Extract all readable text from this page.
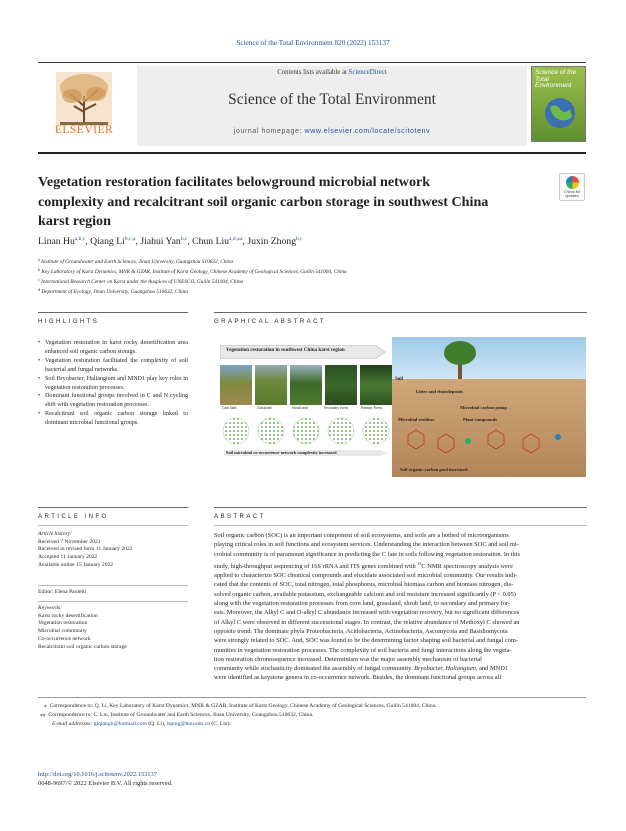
Science of the Total Environment 820 (2022) 153137
ELSEVIER
Contents lists available at ScienceDirect
Science of the Total Environment
journal homepage: www.elsevier.com/locate/scitotenv
Science of the Total Environment
Vegetation restoration facilitates belowground microbial network
complexity and recalcitrant soil organic carbon storage in southwest China
karst region
Check for
updates
Linan Hu$^{a,b,c}$, Qiang $Li^{b,c,⁎}$, Jiahui Yan$^{b,c}$, Chun Liu$^{a,d,⁎⁎}$, Juxin Zhong$^{b,c}$
$^a$ Institute of Groundwater and Earth Sciences, Jinan University, Guangzhou 510632, China
$^b$ Key Laboratory of Karst Dynamics, MNR & GZAR, Institute of Karst Geology, Chinese Academy of Geological Sciences, Guilin 541004, China
$^c$ International Research Center on Karst under the Auspices of UNESCO, Guilin 541004, China
$^d$ Department of Ecology, Jinan University, Guangzhou 510632, China
HIGHLIGHTS
• Vegetation restoration in karst rocky desertification area enhanced soil organic carbon storage.
• Vegetation restoration facilitated the complexity of soil bacterial and fungal networks.
• Soil Bryobacter, Haliangium and MND1 play key roles in vegetation restoration processes.
• Dominant functional groups involved in C and N cycling shift with vegetation restoration processes.
• Recalcitrant soil organic carbon storage linked to dominant microbial functional groups.
GRAPHICAL ABSTRACT
Vegetation restoration in southwest China karst region
Corn land	Grassland	Shrub land	Secondary forest	Primary Forest
Soil microbial co-occurrence network complexity increased
Soil
Litter and rhizodeposits
Microbial carbon pump
Microbial residues	Plant compounds
Soil organic carbon pool increased
ARTICLE INFO
Article history:
Received 7 November 2021
Received in revised form 11 January 2022
Accepted 11 January 2022
Available online 15 January 2022
Editor: Elena Paoletti
Keywords:
Karst rocky desertification
Vegetation restoration
Microbial community
Co-occurrence network
Recalcitrant soil organic carbon storage
ABSTRACT
Soil organic carbon (SOC) is an important component of soil ecosystems, and soils are a hotbed of microorganisms
playing critical roles in soil functions and ecosystem services. Understanding the interaction between SOC and soil mi-
crobial community is of paramount significance in predicting the C fate in soils following vegetation restoration. In this
study, high-throughput sequencing of 16S rRNA and ITS genes combined with $^{13}$C NMR spectroscopy analysis were
applied to characterize SOC chemical compounds and elucidate associated soil microbial community. Our results indi-
cated that the contents of SOC, total nitrogen, total phosphorus, microbial biomass carbon and biomass nitrogen, dis-
solved organic carbon, available potassium, exchangeable calcium and soil moisture increased significantly (P < 0.05)
along with the vegetation restoration processes from corn land, grassland, shrub land, to secondary and primary for-
ests. Moreover, the Alkyl C and O-alkyl C abundance increased with vegetation recovery, but no significant differences
of Alkyl C were observed in different successional stages. In contrast, the relative abundance of Methoxyl C showed an
opposite trend. The dominate phyla Proteobacteria, Acidobacteria, Actinobacteria, Ascomycota and Basidiomycota
were strongly related to SOC. And, SOC was found to be the determining factor shaping soil bacterial and fungal com-
munities in vegetation restoration processes. The complexity of soil bacteria and fungi interactions along the vegeta-
tion restoration chronosequence increased. Determinism was the major assembly mechanism of bacterial
community while stochasticity dominated the assembly of fungal community. Bryobacter, Haliangium, and MND1
were identified as keystone genera in co-occurrence network. Besides, the dominant functional groups across all
⁎ Correspondence to: Q. Li, Key Laboratory of Karst Dynamics, MNR & GZAR, Institute of Karst Geology, Chinese Academy of Geological Sciences, Guilin 541004, China.
⁎⁎ Correspondence to: C. Liu, Institute of Groundwater and Earth Sciences, Jinan University, Guangzhou 510632, China.
E-mail addresses: glqiangli@hotmail.com (Q. Li), lsping@hnu.edu.cn (C. Liu).
http://doi.org/10.1016/j.scitotenv.2022.153137
0048-9697/© 2022 Elsevier B.V. All rights reserved.
